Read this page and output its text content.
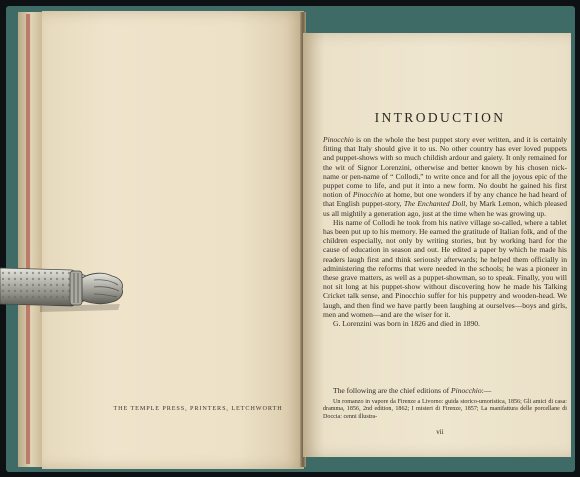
THE TEMPLE PRESS, PRINTERS, LETCHWORTH
INTRODUCTION

Pinocchio is on the whole the best puppet story ever written, and it is certainly fitting that Italy should give it to us. No other country has ever loved puppets and puppet-shows with so much childish ardour and gaiety. It only remained for the wit of Signor Lorenzini, otherwise and better known by his chosen nick-name or pen-name of “ Collodi,” to write once and for all the joyous epic of the puppet come to life, and put it into a new form. No doubt he gained his first notion of Pinocchio at home, but one wonders if by any chance he had heard of that English puppet-story, The Enchanted Doll, by Mark Lemon, which pleased us all mightily a generation ago, just at the time when he was growing up.

His name of Collodi he took from his native village so-called, where a tablet has been put up to his memory. He earned the gratitude of Italian folk, and of the children especially, not only by writing stories, but by working hard for the cause of education in season and out. He edited a paper by which he made his readers laugh first and think seriously afterwards; he helped them officially in administering the reforms that were needed in the schools; he was a pioneer in these grave matters, as well as a puppet-showman, so to speak. Finally, you will not sit long at his puppet-show without discovering how he made his Talking Cricket talk sense, and Pinocchio suffer for his puppetry and wooden-head. We laugh, and then find we have partly been laughing at ourselves—boys and girls, men and women—and are the wiser for it.

G. Lorenzini was born in 1826 and died in 1890.

The following are the chief editions of Pinocchio:—
Un romanzo in vapore da Firenze a Livorno: guida storico-umoristica, 1856; Gli amici di casa: dramma, 1856, 2nd edition, 1862; I misteri di Firenze, 1857; La manifattura delle porcellane di Doccia: cenni illustra-
vii
